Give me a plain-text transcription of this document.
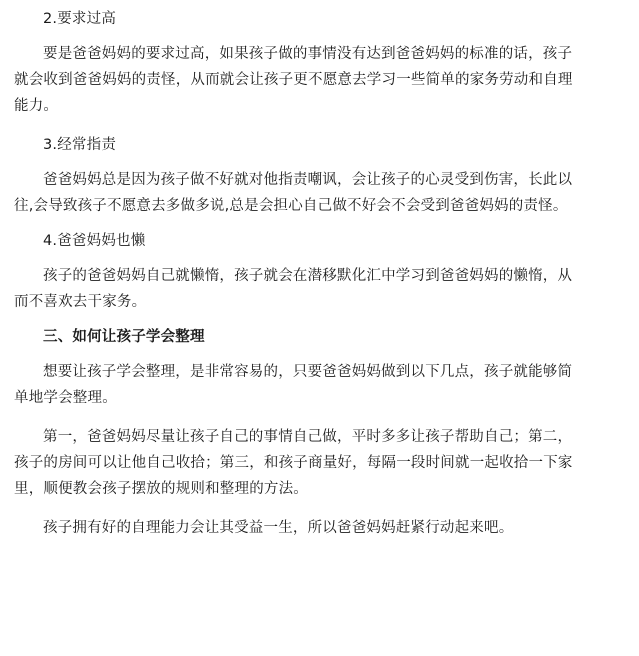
2.要求过高

要是爸爸妈妈的要求过高，如果孩子做的事情没有达到爸爸妈妈的标准的话，孩子
就会收到爸爸妈妈的责怪，从而就会让孩子更不愿意去学习一些简单的家务劳动和自理
能力。

3.经常指责

爸爸妈妈总是因为孩子做不好就对他指责嘲讽，会让孩子的心灵受到伤害，长此以
往,会导致孩子不愿意去多做多说,总是会担心自己做不好会不会受到爸爸妈妈的责怪。

4.爸爸妈妈也懒

孩子的爸爸妈妈自己就懒惰，孩子就会在潜移默化汇中学习到爸爸妈妈的懒惰，从
而不喜欢去干家务。

三、如何让孩子学会整理

想要让孩子学会整理，是非常容易的，只要爸爸妈妈做到以下几点，孩子就能够简
单地学会整理。

第一，爸爸妈妈尽量让孩子自己的事情自己做，平时多多让孩子帮助自己；第二，
孩子的房间可以让他自己收拾；第三，和孩子商量好，每隔一段时间就一起收拾一下家
里，顺便教会孩子摆放的规则和整理的方法。

孩子拥有好的自理能力会让其受益一生，所以爸爸妈妈赶紧行动起来吧。
